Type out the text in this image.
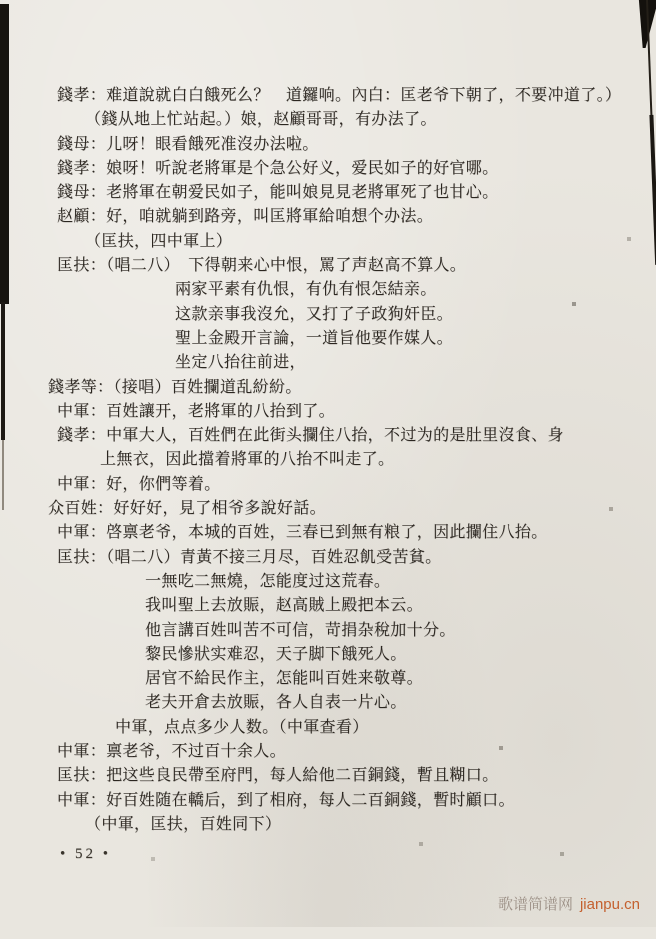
錢孝：难道說就白白餓死么？　道鑼响。內白：匡老爷下朝了，不要冲道了。）
（錢从地上忙站起。）娘，赵顧哥哥，有办法了。
錢母：儿呀！眼看餓死准沒办法啦。
錢孝：娘呀！听說老將軍是个急公好义，爱民如子的好官哪。
錢母：老將軍在朝爱民如子，能叫娘見見老將軍死了也甘心。
赵顧：好，咱就躺到路旁，叫匡將軍給咱想个办法。
（匡扶，四中軍上）
匡扶：（唱二八）　下得朝来心中恨，罵了声赵高不算人。
兩家平素有仇恨，有仇有恨怎結亲。
这款亲事我沒允，又打了子政狗奸臣。
聖上金殿开言論，一道旨他要作媒人。
坐定八抬往前进，
錢孝等：（接唱）百姓攔道乱紛紛。
中軍：百姓讓开，老將軍的八抬到了。
錢孝：中軍大人，百姓們在此街头攔住八抬，不过为的是肚里沒食、身
上無衣，因此擋着將軍的八抬不叫走了。
中軍：好，你們等着。
众百姓：好好好，見了相爷多說好話。
中軍：啓禀老爷，本城的百姓，三春已到無有粮了，因此攔住八抬。
匡扶：（唱二八）青黃不接三月尽，百姓忍飢受苦貧。
一無吃二無燒，怎能度过这荒春。
我叫聖上去放賑，赵高賊上殿把本云。
他言講百姓叫苦不可信，苛捐杂稅加十分。
黎民慘狀实难忍，天子脚下餓死人。
居官不給民作主，怎能叫百姓来敬尊。
老夫开倉去放賑，各人自表一片心。
中軍，点点多少人数。（中軍查看）
中軍：禀老爷，不过百十余人。
匡扶：把这些良民帶至府門，每人給他二百銅錢，暫且糊口。
中軍：好百姓随在轎后，到了相府，每人二百銅錢，暫时顧口。
（中軍，匡扶，百姓同下）
• 52 •
歌谱简谱网 jianpu.cn
